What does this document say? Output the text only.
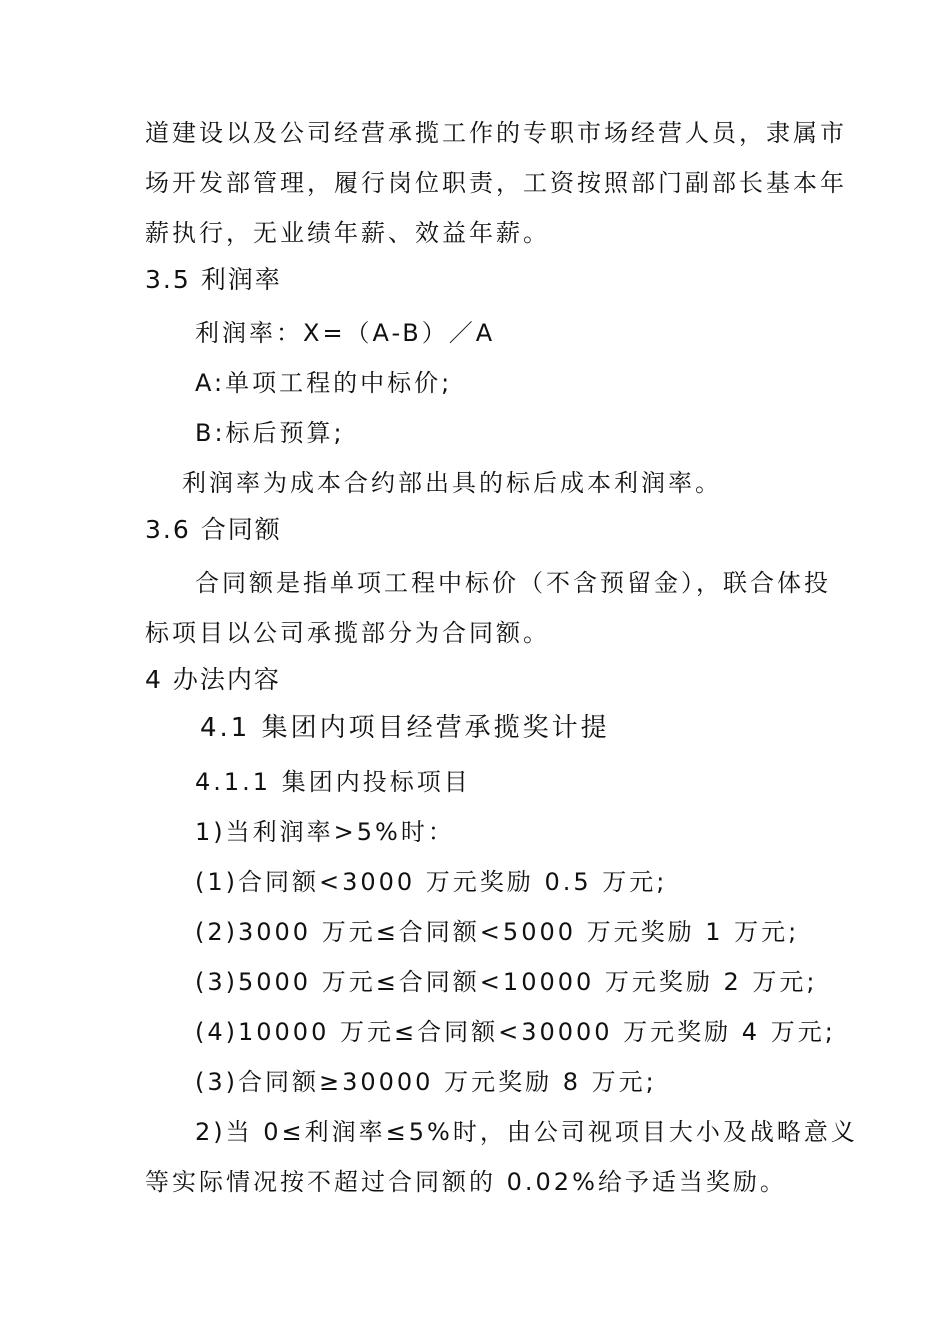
道建设以及公司经营承揽工作的专职市场经营人员，隶属市
场开发部管理，履行岗位职责，工资按照部门副部长基本年
薪执行，无业绩年薪、效益年薪。
3.5 利润率
利润率：X=（A-B）／A
A:单项工程的中标价;
B:标后预算;
利润率为成本合约部出具的标后成本利润率。
3.6 合同额
合同额是指单项工程中标价（不含预留金），联合体投
标项目以公司承揽部分为合同额。
4 办法内容
4.1 集团内项目经营承揽奖计提
4.1.1 集团内投标项目
1)当利润率>5%时：
(1)合同额<3000 万元奖励 0.5 万元;
(2)3000 万元≤合同额<5000 万元奖励 1 万元;
(3)5000 万元≤合同额<10000 万元奖励 2 万元;
(4)10000 万元≤合同额<30000 万元奖励 4 万元;
(3)合同额≥30000 万元奖励 8 万元;
2)当 0≤利润率≤5%时，由公司视项目大小及战略意义
等实际情况按不超过合同额的 0.02%给予适当奖励。
